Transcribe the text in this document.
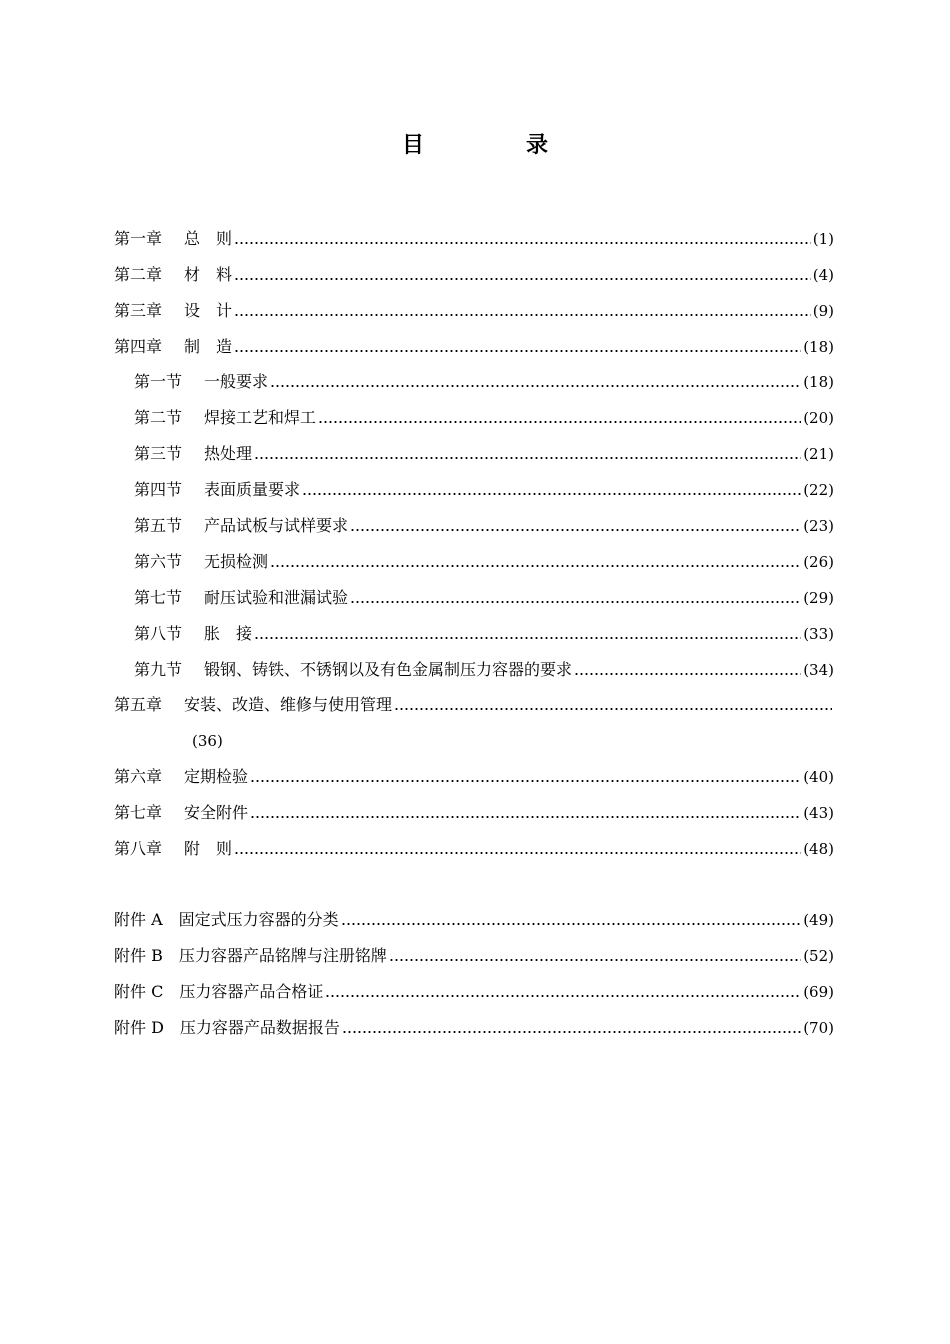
目　录
第一章 总　则	(1)
第二章 材　料	(4)
第三章 设　计	(9)
第四章 制　造	(18)
第一节 一般要求	(18)
第二节 焊接工艺和焊工	(20)
第三节 热处理	(21)
第四节 表面质量要求	(22)
第五节 产品试板与试样要求	(23)
第六节 无损检测	(26)
第七节 耐压试验和泄漏试验	(29)
第八节 胀　接	(33)
第九节 锻钢、铸铁、不锈钢以及有色金属制压力容器的要求	(34)
第五章 安装、改造、维修与使用管理
(36)
第六章 定期检验	(40)
第七章 安全附件	(43)
第八章 附　则	(48)
附件 A 固定式压力容器的分类	(49)
附件 B 压力容器产品铭牌与注册铭牌	(52)
附件 C 压力容器产品合格证	(69)
附件 D 压力容器产品数据报告	(70)
